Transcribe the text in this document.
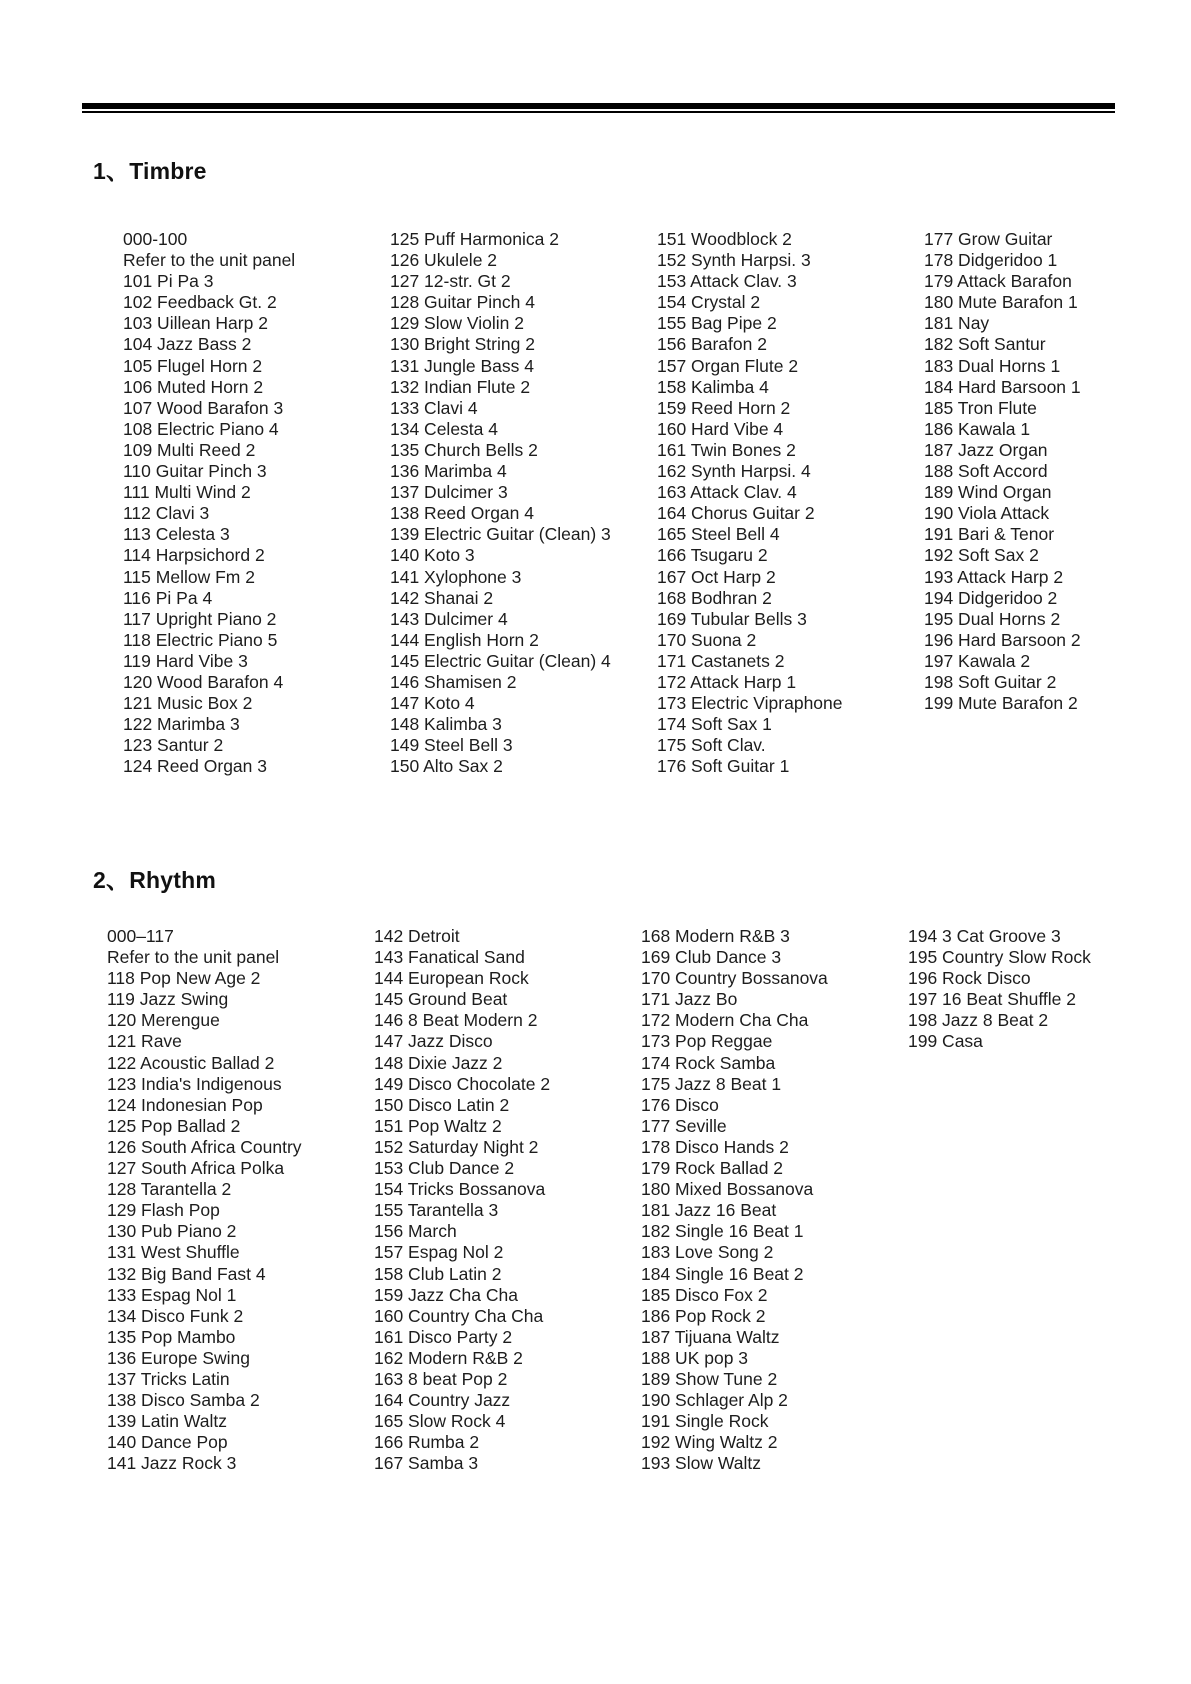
1、Timbre
000-100
Refer to the unit panel
101 Pi Pa 3
102 Feedback Gt. 2
103 Uillean Harp 2
104 Jazz Bass 2
105 Flugel Horn 2
106 Muted Horn 2
107 Wood Barafon 3
108 Electric Piano 4
109 Multi Reed 2
110 Guitar Pinch 3
111 Multi Wind 2
112 Clavi 3
113 Celesta 3
114 Harpsichord 2
115 Mellow Fm 2
116 Pi Pa 4
117 Upright Piano 2
118 Electric Piano 5
119 Hard Vibe 3
120 Wood Barafon 4
121 Music Box 2
122 Marimba 3
123 Santur 2
124 Reed Organ 3
125 Puff Harmonica 2
126 Ukulele 2
127 12-str. Gt 2
128 Guitar Pinch 4
129 Slow Violin 2
130 Bright String 2
131 Jungle Bass 4
132 Indian Flute 2
133 Clavi 4
134 Celesta 4
135 Church Bells 2
136 Marimba 4
137 Dulcimer 3
138 Reed Organ 4
139 Electric Guitar (Clean) 3
140 Koto 3
141 Xylophone 3
142 Shanai 2
143 Dulcimer 4
144 English Horn 2
145 Electric Guitar (Clean) 4
146 Shamisen 2
147 Koto 4
148 Kalimba 3
149 Steel Bell 3
150 Alto Sax 2
151 Woodblock 2
152 Synth Harpsi. 3
153 Attack Clav. 3
154 Crystal 2
155 Bag Pipe 2
156 Barafon 2
157 Organ Flute 2
158 Kalimba 4
159 Reed Horn 2
160 Hard Vibe 4
161 Twin Bones 2
162 Synth Harpsi. 4
163 Attack Clav. 4
164 Chorus Guitar 2
165 Steel Bell 4
166 Tsugaru 2
167 Oct Harp 2
168 Bodhran 2
169 Tubular Bells 3
170 Suona 2
171 Castanets 2
172 Attack Harp 1
173 Electric Vipraphone
174 Soft Sax 1
175 Soft Clav.
176 Soft Guitar 1
177 Grow Guitar
178 Didgeridoo 1
179 Attack Barafon
180 Mute Barafon 1
181 Nay
182 Soft Santur
183 Dual Horns 1
184 Hard Barsoon 1
185 Tron Flute
186 Kawala 1
187 Jazz Organ
188 Soft Accord
189 Wind Organ
190 Viola Attack
191 Bari & Tenor
192 Soft Sax 2
193 Attack Harp 2
194 Didgeridoo 2
195 Dual Horns 2
196 Hard Barsoon 2
197 Kawala 2
198 Soft Guitar 2
199 Mute Barafon 2
2、Rhythm
000–117
Refer to the unit panel
118 Pop New Age 2
119 Jazz Swing
120 Merengue
121 Rave
122 Acoustic Ballad 2
123 India's Indigenous
124 Indonesian Pop
125 Pop Ballad 2
126 South Africa Country
127 South Africa Polka
128 Tarantella 2
129 Flash Pop
130 Pub Piano 2
131 West Shuffle
132 Big Band Fast 4
133 Espag Nol 1
134 Disco Funk 2
135 Pop Mambo
136 Europe Swing
137 Tricks Latin
138 Disco Samba 2
139 Latin Waltz
140 Dance Pop
141 Jazz Rock 3
142 Detroit
143 Fanatical Sand
144 European Rock
145 Ground Beat
146 8 Beat Modern 2
147 Jazz Disco
148 Dixie Jazz 2
149 Disco Chocolate 2
150 Disco Latin 2
151 Pop Waltz 2
152 Saturday Night 2
153 Club Dance 2
154 Tricks Bossanova
155 Tarantella 3
156 March
157 Espag Nol 2
158 Club Latin 2
159 Jazz Cha Cha
160 Country Cha Cha
161 Disco Party 2
162 Modern R&B 2
163 8 beat Pop 2
164 Country Jazz
165 Slow Rock 4
166 Rumba 2
167 Samba 3
168 Modern R&B 3
169 Club Dance 3
170 Country Bossanova
171 Jazz Bo
172 Modern Cha Cha
173 Pop Reggae
174 Rock Samba
175 Jazz 8 Beat 1
176 Disco
177 Seville
178 Disco Hands 2
179 Rock Ballad 2
180 Mixed Bossanova
181 Jazz 16 Beat
182 Single 16 Beat 1
183 Love Song 2
184 Single 16 Beat 2
185 Disco Fox 2
186 Pop Rock 2
187 Tijuana Waltz
188 UK pop 3
189 Show Tune 2
190 Schlager Alp 2
191 Single Rock
192 Wing Waltz 2
193 Slow Waltz
194 3 Cat Groove 3
195 Country Slow Rock
196 Rock Disco
197 16 Beat Shuffle 2
198 Jazz 8 Beat 2
199 Casa
